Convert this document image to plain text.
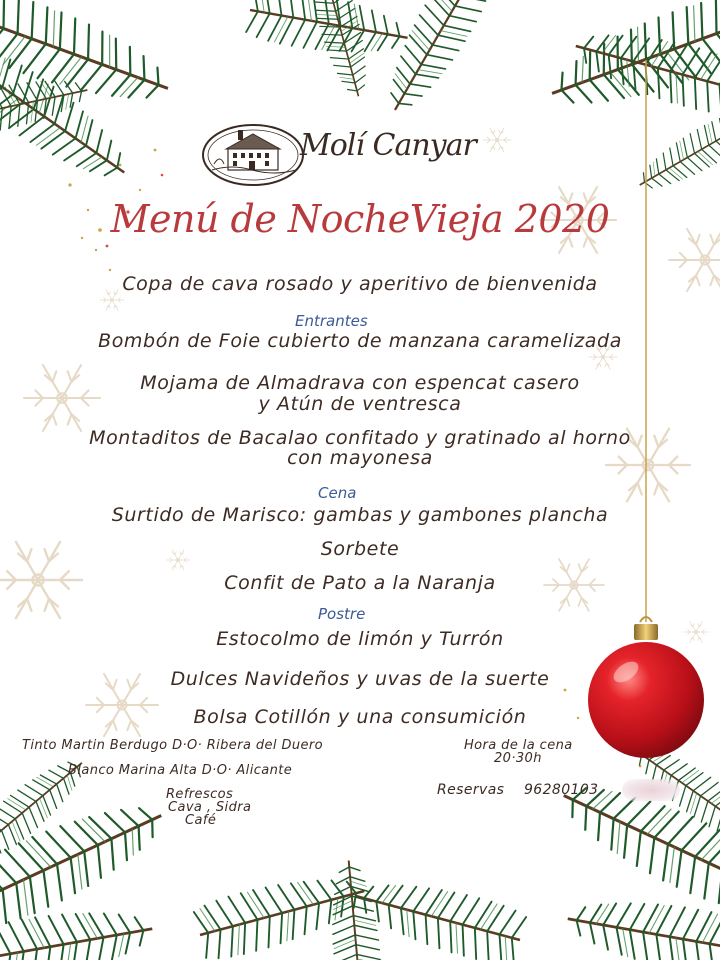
Molí Canyar
Menú de NocheVieja 2020
Copa de cava rosado y aperitivo de bienvenida
Entrantes
Bombón de Foie cubierto de manzana caramelizada
Mojama de Almadrava con espencat casero
y Atún de ventresca
Montaditos de Bacalao confitado y gratinado al horno
con mayonesa
Cena
Surtido de Marisco: gambas y gambones plancha
Sorbete
Confit de Pato a la Naranja
Postre
Estocolmo de limón y Turrón
Dulces Navideños y uvas de la suerte
Bolsa Cotillón y una consumición
Tinto Martin Berdugo D·O· Ribera del Duero
Blanco Marina Alta D·O· Alicante
Refrescos
Cava , Sidra
Café
Hora de la cena
20·30h
Reservas 96280103
